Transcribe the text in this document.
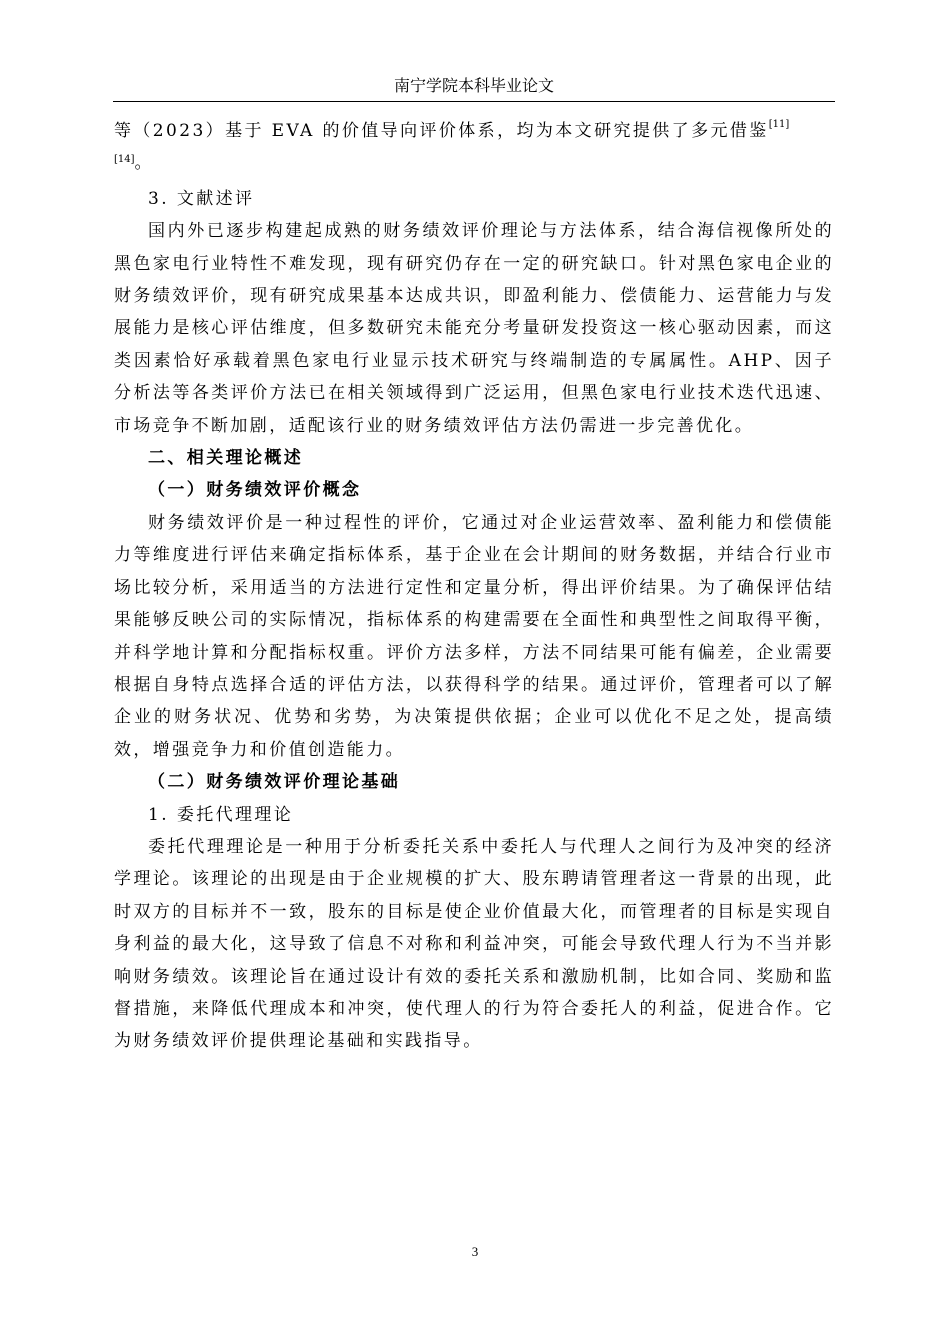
南宁学院本科毕业论文

等（2023）基于 EVA 的价值导向评价体系，均为本文研究提供了多元借鉴[11]
[14]。

3. 文献述评

国内外已逐步构建起成熟的财务绩效评价理论与方法体系，结合海信视像所处的黑色家电行业特性不难发现，现有研究仍存在一定的研究缺口。针对黑色家电企业的财务绩效评价，现有研究成果基本达成共识，即盈利能力、偿债能力、运营能力与发展能力是核心评估维度，但多数研究未能充分考量研发投资这一核心驱动因素，而这类因素恰好承载着黑色家电行业显示技术研究与终端制造的专属属性。AHP、因子分析法等各类评价方法已在相关领域得到广泛运用，但黑色家电行业技术迭代迅速、市场竞争不断加剧，适配该行业的财务绩效评估方法仍需进一步完善优化。

二、相关理论概述

（一）财务绩效评价概念

财务绩效评价是一种过程性的评价，它通过对企业运营效率、盈利能力和偿债能力等维度进行评估来确定指标体系，基于企业在会计期间的财务数据，并结合行业市场比较分析，采用适当的方法进行定性和定量分析，得出评价结果。为了确保评估结果能够反映公司的实际情况，指标体系的构建需要在全面性和典型性之间取得平衡，并科学地计算和分配指标权重。评价方法多样，方法不同结果可能有偏差，企业需要根据自身特点选择合适的评估方法，以获得科学的结果。通过评价，管理者可以了解企业的财务状况、优势和劣势，为决策提供依据；企业可以优化不足之处，提高绩效，增强竞争力和价值创造能力。

（二）财务绩效评价理论基础

1. 委托代理理论

委托代理理论是一种用于分析委托关系中委托人与代理人之间行为及冲突的经济学理论。该理论的出现是由于企业规模的扩大、股东聘请管理者这一背景的出现，此时双方的目标并不一致，股东的目标是使企业价值最大化，而管理者的目标是实现自身利益的最大化，这导致了信息不对称和利益冲突，可能会导致代理人行为不当并影响财务绩效。该理论旨在通过设计有效的委托关系和激励机制，比如合同、奖励和监督措施，来降低代理成本和冲突，使代理人的行为符合委托人的利益，促进合作。它为财务绩效评价提供理论基础和实践指导。

3
